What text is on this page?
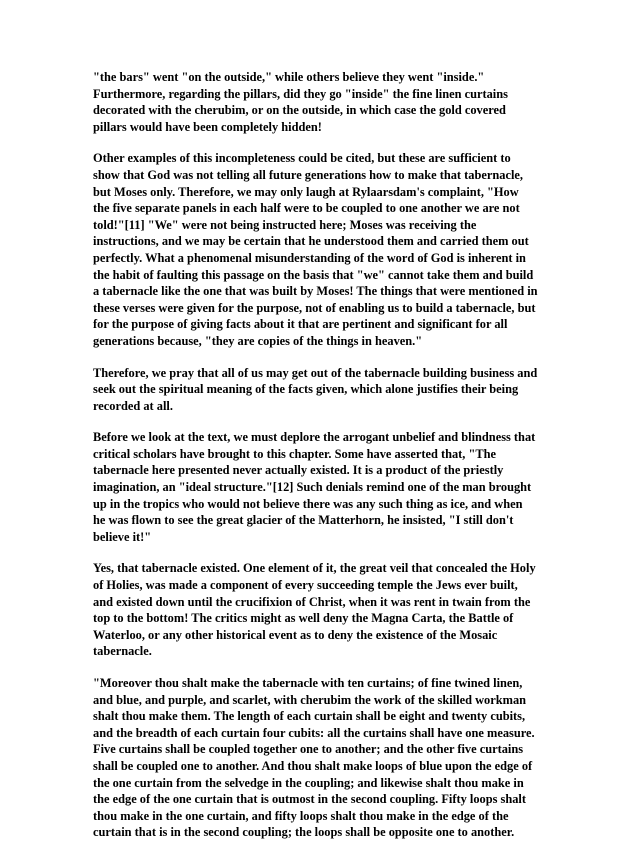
"the bars" went "on the outside," while others believe they went "inside."
Furthermore, regarding the pillars, did they go "inside" the fine linen curtains
decorated with the cherubim, or on the outside, in which case the gold covered
pillars would have been completely hidden!

Other examples of this incompleteness could be cited, but these are sufficient to
show that God was not telling all future generations how to make that tabernacle,
but Moses only. Therefore, we may only laugh at Rylaarsdam's complaint, "How
the five separate panels in each half were to be coupled to one another we are not
told!"[11] "We" were not being instructed here; Moses was receiving the
instructions, and we may be certain that he understood them and carried them out
perfectly. What a phenomenal misunderstanding of the word of God is inherent in
the habit of faulting this passage on the basis that "we" cannot take them and build
a tabernacle like the one that was built by Moses! The things that were mentioned in
these verses were given for the purpose, not of enabling us to build a tabernacle, but
for the purpose of giving facts about it that are pertinent and significant for all
generations because, "they are copies of the things in heaven."

Therefore, we pray that all of us may get out of the tabernacle building business and
seek out the spiritual meaning of the facts given, which alone justifies their being
recorded at all.

Before we look at the text, we must deplore the arrogant unbelief and blindness that
critical scholars have brought to this chapter. Some have asserted that, "The
tabernacle here presented never actually existed. It is a product of the priestly
imagination, an "ideal structure."[12] Such denials remind one of the man brought
up in the tropics who would not believe there was any such thing as ice, and when
he was flown to see the great glacier of the Matterhorn, he insisted, "I still don't
believe it!"

Yes, that tabernacle existed. One element of it, the great veil that concealed the Holy
of Holies, was made a component of every succeeding temple the Jews ever built,
and existed down until the crucifixion of Christ, when it was rent in twain from the
top to the bottom! The critics might as well deny the Magna Carta, the Battle of
Waterloo, or any other historical event as to deny the existence of the Mosaic
tabernacle.

"Moreover thou shalt make the tabernacle with ten curtains; of fine twined linen,
and blue, and purple, and scarlet, with cherubim the work of the skilled workman
shalt thou make them. The length of each curtain shall be eight and twenty cubits,
and the breadth of each curtain four cubits: all the curtains shall have one measure.
Five curtains shall be coupled together one to another; and the other five curtains
shall be coupled one to another. And thou shalt make loops of blue upon the edge of
the one curtain from the selvedge in the coupling; and likewise shalt thou make in
the edge of the one curtain that is outmost in the second coupling. Fifty loops shalt
thou make in the one curtain, and fifty loops shalt thou make in the edge of the
curtain that is in the second coupling; the loops shall be opposite one to another.
